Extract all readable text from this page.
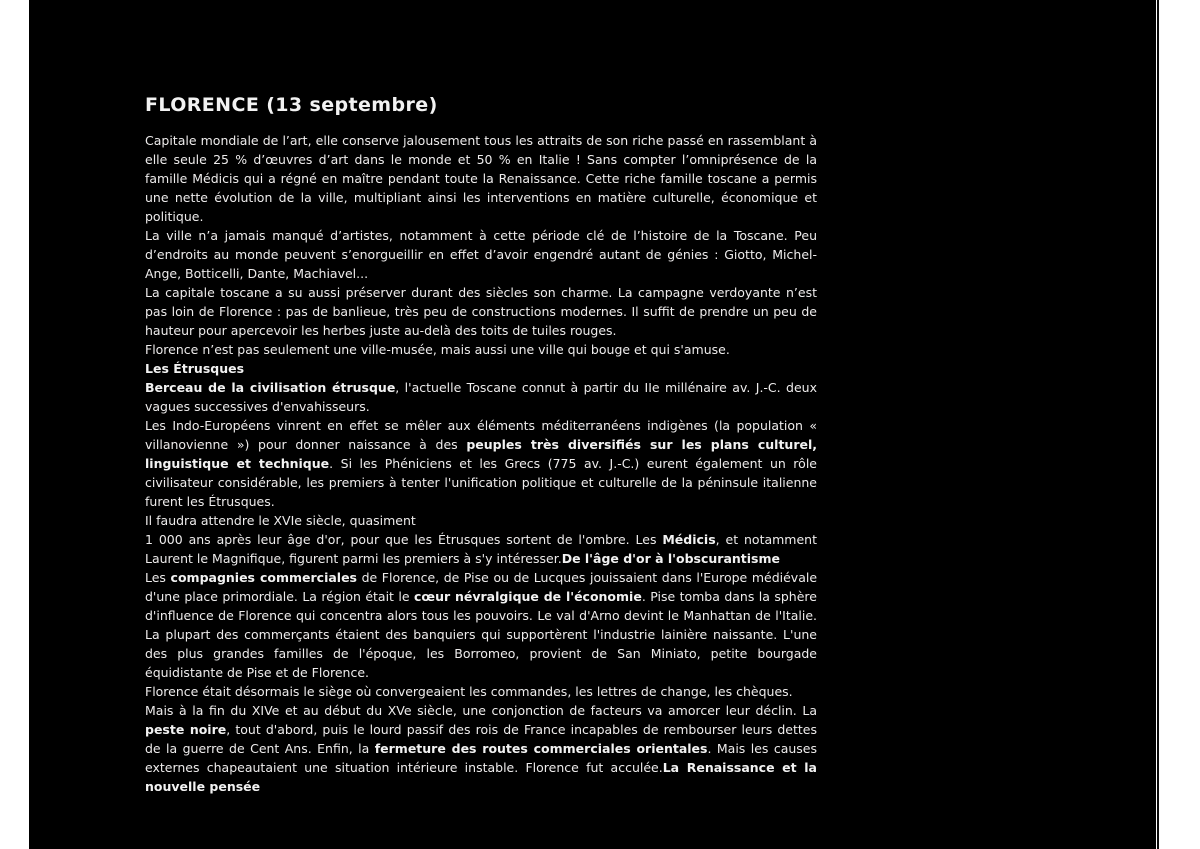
FLORENCE (13 septembre)

Capitale mondiale de l’art, elle conserve jalousement tous les attraits de son riche passé en rassemblant à elle seule 25 % d’œuvres d’art dans le monde et 50 % en Italie ! Sans compter l’omniprésence de la famille Médicis qui a régné en maître pendant toute la Renaissance. Cette riche famille toscane a permis une nette évolution de la ville, multipliant ainsi les interventions en matière culturelle, économique et politique.

La ville n’a jamais manqué d’artistes, notamment à cette période clé de l’histoire de la Toscane. Peu d’endroits au monde peuvent s’enorgueillir en effet d’avoir engendré autant de génies : Giotto, Michel-Ange, Botticelli, Dante, Machiavel...

La capitale toscane a su aussi préserver durant des siècles son charme. La campagne verdoyante n’est pas loin de Florence : pas de banlieue, très peu de constructions modernes. Il suffit de prendre un peu de hauteur pour apercevoir les herbes juste au-delà des toits de tuiles rouges.

Florence n’est pas seulement une ville-musée, mais aussi une ville qui bouge et qui s'amuse.

Les Étrusques

Berceau de la civilisation étrusque, l'actuelle Toscane connut à partir du IIe millénaire av. J.-C. deux vagues successives d'envahisseurs.

Les Indo-Européens vinrent en effet se mêler aux éléments méditerranéens indigènes (la population « villanovienne ») pour donner naissance à des peuples très diversifiés sur les plans culturel, linguistique et technique. Si les Phéniciens et les Grecs (775 av. J.-C.) eurent également un rôle civilisateur considérable, les premiers à tenter l'unification politique et culturelle de la péninsule italienne furent les Étrusques.

Il faudra attendre le XVIe siècle, quasiment

1 000 ans après leur âge d'or, pour que les Étrusques sortent de l'ombre. Les Médicis, et notamment Laurent le Magnifique, figurent parmi les premiers à s'y intéresser.De l'âge d'or à l'obscurantisme

Les compagnies commerciales de Florence, de Pise ou de Lucques jouissaient dans l'Europe médiévale d'une place primordiale. La région était le cœur névralgique de l'économie. Pise tomba dans la sphère d'influence de Florence qui concentra alors tous les pouvoirs. Le val d'Arno devint le Manhattan de l'Italie. La plupart des commerçants étaient des banquiers qui supportèrent l'industrie lainière naissante. L'une des plus grandes familles de l'époque, les Borromeo, provient de San Miniato, petite bourgade équidistante de Pise et de Florence.

Florence était désormais le siège où convergeaient les commandes, les lettres de change, les chèques.

Mais à la fin du XIVe et au début du XVe siècle, une conjonction de facteurs va amorcer leur déclin. La peste noire, tout d'abord, puis le lourd passif des rois de France incapables de rembourser leurs dettes de la guerre de Cent Ans. Enfin, la fermeture des routes commerciales orientales. Mais les causes externes chapeautaient une situation intérieure instable. Florence fut acculée.La Renaissance et la nouvelle pensée
